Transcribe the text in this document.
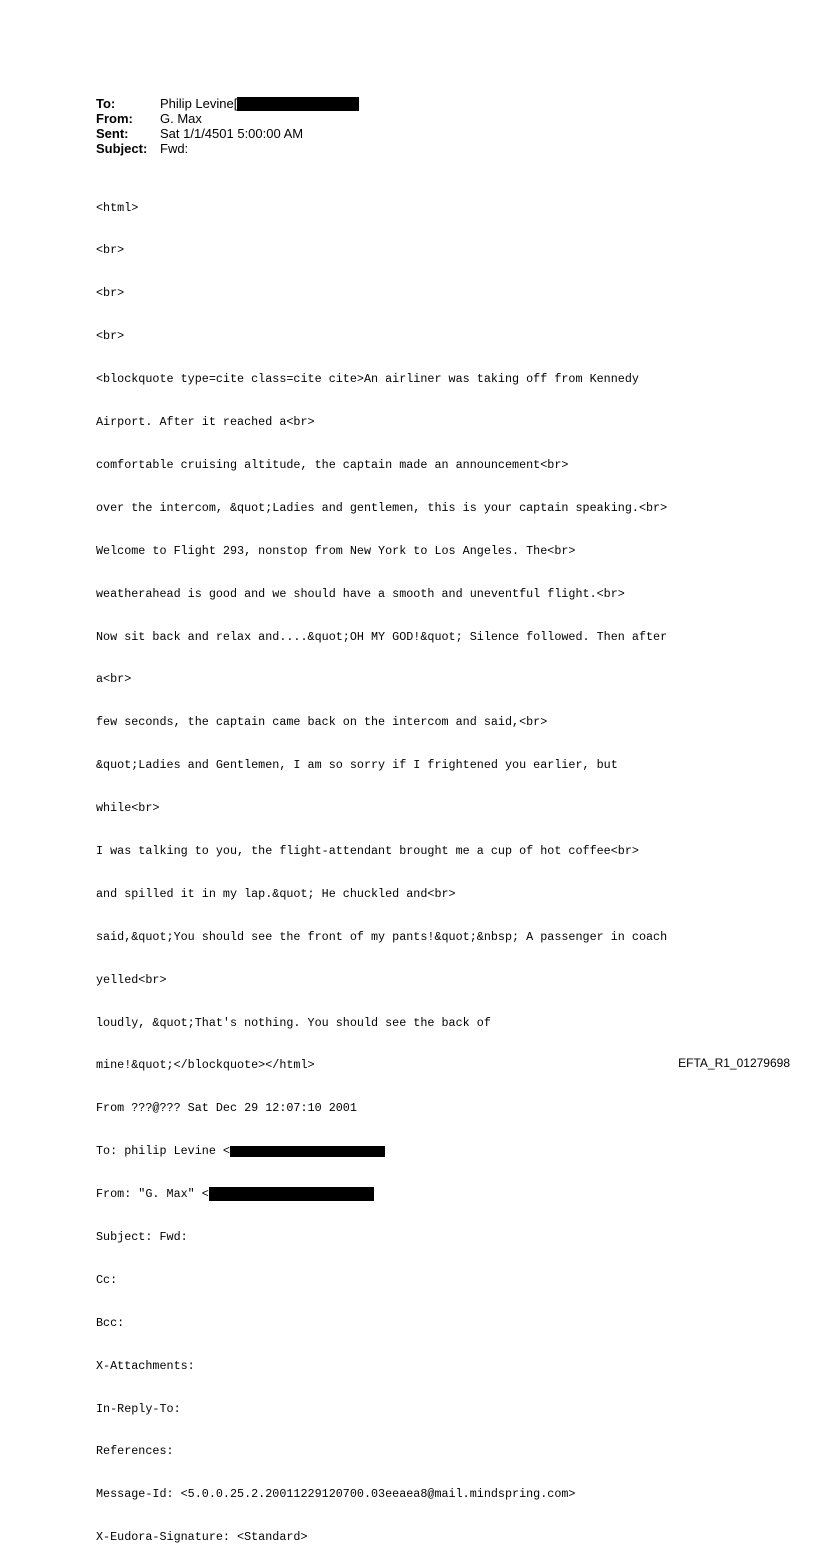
To:	Philip Levine[
From:	G. Max
Sent:	Sat 1/1/4501 5:00:00 AM
Subject: Fwd:

<html>

<br>

<br>

<br>

<blockquote type=cite class=cite cite>An airliner was taking off from Kennedy

Airport. After it reached a<br>

comfortable cruising altitude, the captain made an announcement<br>

over the intercom, &quot;Ladies and gentlemen, this is your captain speaking.<br>

Welcome to Flight 293, nonstop from New York to Los Angeles. The<br>

weatherahead is good and we should have a smooth and uneventful flight.<br>

Now sit back and relax and....&quot;OH MY GOD!&quot; Silence followed. Then after

a<br>

few seconds, the captain came back on the intercom and said,<br>

&quot;Ladies and Gentlemen, I am so sorry if I frightened you earlier, but

while<br>

I was talking to you, the flight-attendant brought me a cup of hot coffee<br>

and spilled it in my lap.&quot; He chuckled and<br>

said,&quot;You should see the front of my pants!&quot;&nbsp; A passenger in coach

yelled<br>

loudly, &quot;That's nothing. You should see the back of

mine!&quot;</blockquote></html>

From ???@??? Sat Dec 29 12:07:10 2001

To: philip Levine <

From: "G. Max" <

Subject: Fwd:

Cc:

Bcc:

X-Attachments:

In-Reply-To:

References:

Message-Id: <5.0.0.25.2.20011229120700.03eeaea8@mail.mindspring.com>

X-Eudora-Signature: <Standard>

EFTA_R1_01279698
